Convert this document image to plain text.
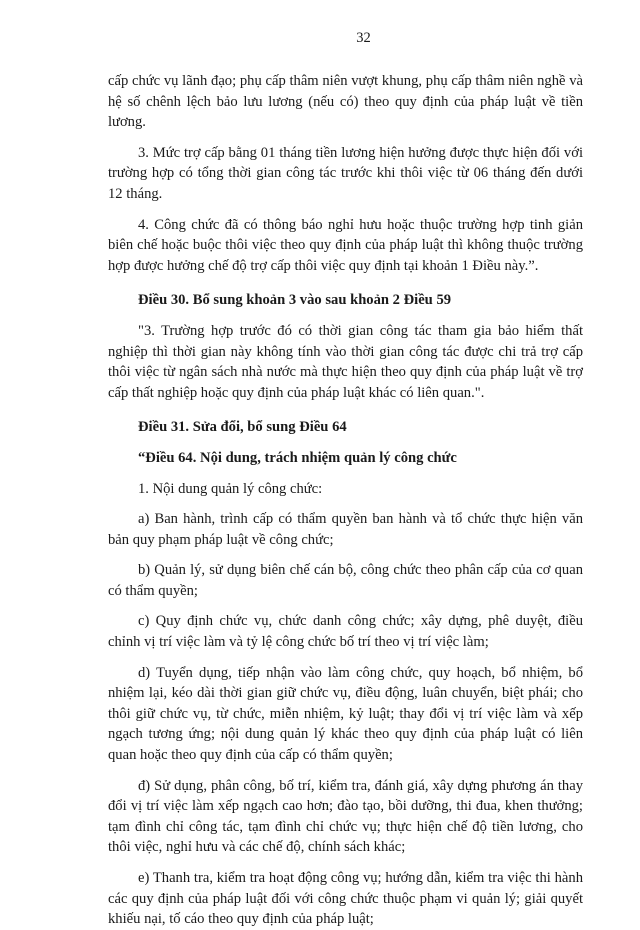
32

cấp chức vụ lãnh đạo; phụ cấp thâm niên vượt khung, phụ cấp thâm niên nghề và hệ số chênh lệch bảo lưu lương (nếu có) theo quy định của pháp luật về tiền lương.

3. Mức trợ cấp bằng 01 tháng tiền lương hiện hưởng được thực hiện đối với trường hợp có tổng thời gian công tác trước khi thôi việc từ 06 tháng đến dưới 12 tháng.

4. Công chức đã có thông báo nghỉ hưu hoặc thuộc trường hợp tinh giản biên chế hoặc buộc thôi việc theo quy định của pháp luật thì không thuộc trường hợp được hưởng chế độ trợ cấp thôi việc quy định tại khoản 1 Điều này.”.

Điều 30. Bổ sung khoản 3 vào sau khoản 2 Điều 59

"3. Trường hợp trước đó có thời gian công tác tham gia bảo hiểm thất nghiệp thì thời gian này không tính vào thời gian công tác được chi trả trợ cấp thôi việc từ ngân sách nhà nước mà thực hiện theo quy định của pháp luật về trợ cấp thất nghiệp hoặc quy định của pháp luật khác có liên quan.".

Điều 31. Sửa đổi, bổ sung Điều 64
“Điều 64. Nội dung, trách nhiệm quản lý công chức

1. Nội dung quản lý công chức:

a) Ban hành, trình cấp có thẩm quyền ban hành và tổ chức thực hiện văn bản quy phạm pháp luật về công chức;

b) Quản lý, sử dụng biên chế cán bộ, công chức theo phân cấp của cơ quan có thẩm quyền;

c) Quy định chức vụ, chức danh công chức; xây dựng, phê duyệt, điều chỉnh vị trí việc làm và tỷ lệ công chức bố trí theo vị trí việc làm;

d) Tuyển dụng, tiếp nhận vào làm công chức, quy hoạch, bổ nhiệm, bổ nhiệm lại, kéo dài thời gian giữ chức vụ, điều động, luân chuyển, biệt phái; cho thôi giữ chức vụ, từ chức, miễn nhiệm, kỷ luật; thay đổi vị trí việc làm và xếp ngạch tương ứng; nội dung quản lý khác theo quy định của pháp luật có liên quan hoặc theo quy định của cấp có thẩm quyền;

đ) Sử dụng, phân công, bố trí, kiểm tra, đánh giá, xây dựng phương án thay đổi vị trí việc làm xếp ngạch cao hơn; đào tạo, bồi dưỡng, thi đua, khen thưởng; tạm đình chỉ công tác, tạm đình chỉ chức vụ; thực hiện chế độ tiền lương, cho thôi việc, nghỉ hưu và các chế độ, chính sách khác;

e) Thanh tra, kiểm tra hoạt động công vụ; hướng dẫn, kiểm tra việc thi hành các quy định của pháp luật đối với công chức thuộc phạm vi quản lý; giải quyết khiếu nại, tố cáo theo quy định của pháp luật;
